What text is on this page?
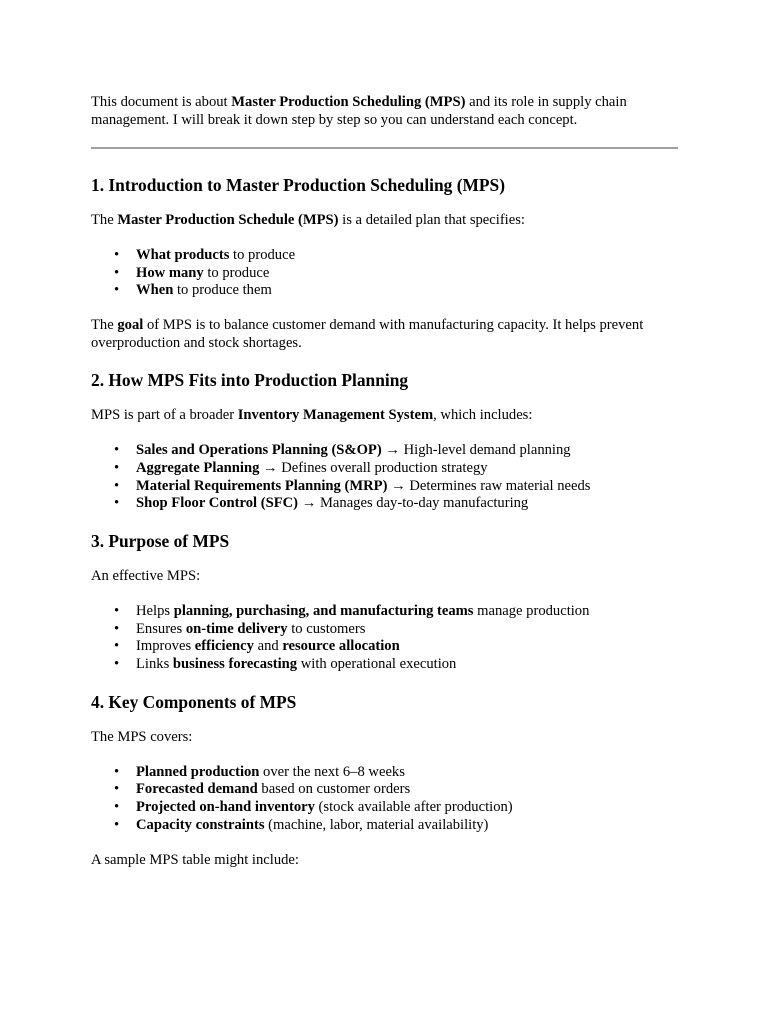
This document is about Master Production Scheduling (MPS) and its role in supply chain management. I will break it down step by step so you can understand each concept.

1. Introduction to Master Production Scheduling (MPS)

The Master Production Schedule (MPS) is a detailed plan that specifies:

• What products to produce
• How many to produce
• When to produce them

The goal of MPS is to balance customer demand with manufacturing capacity. It helps prevent overproduction and stock shortages.

2. How MPS Fits into Production Planning

MPS is part of a broader Inventory Management System, which includes:

• Sales and Operations Planning (S&OP) → High-level demand planning
• Aggregate Planning → Defines overall production strategy
• Material Requirements Planning (MRP) → Determines raw material needs
• Shop Floor Control (SFC) → Manages day-to-day manufacturing
3. Purpose of MPS

An effective MPS:

• Helps planning, purchasing, and manufacturing teams manage production
• Ensures on-time delivery to customers
• Improves efficiency and resource allocation
• Links business forecasting with operational execution
4. Key Components of MPS

The MPS covers:

• Planned production over the next 6–8 weeks
• Forecasted demand based on customer orders
• Projected on-hand inventory (stock available after production)
• Capacity constraints (machine, labor, material availability)

A sample MPS table might include:
